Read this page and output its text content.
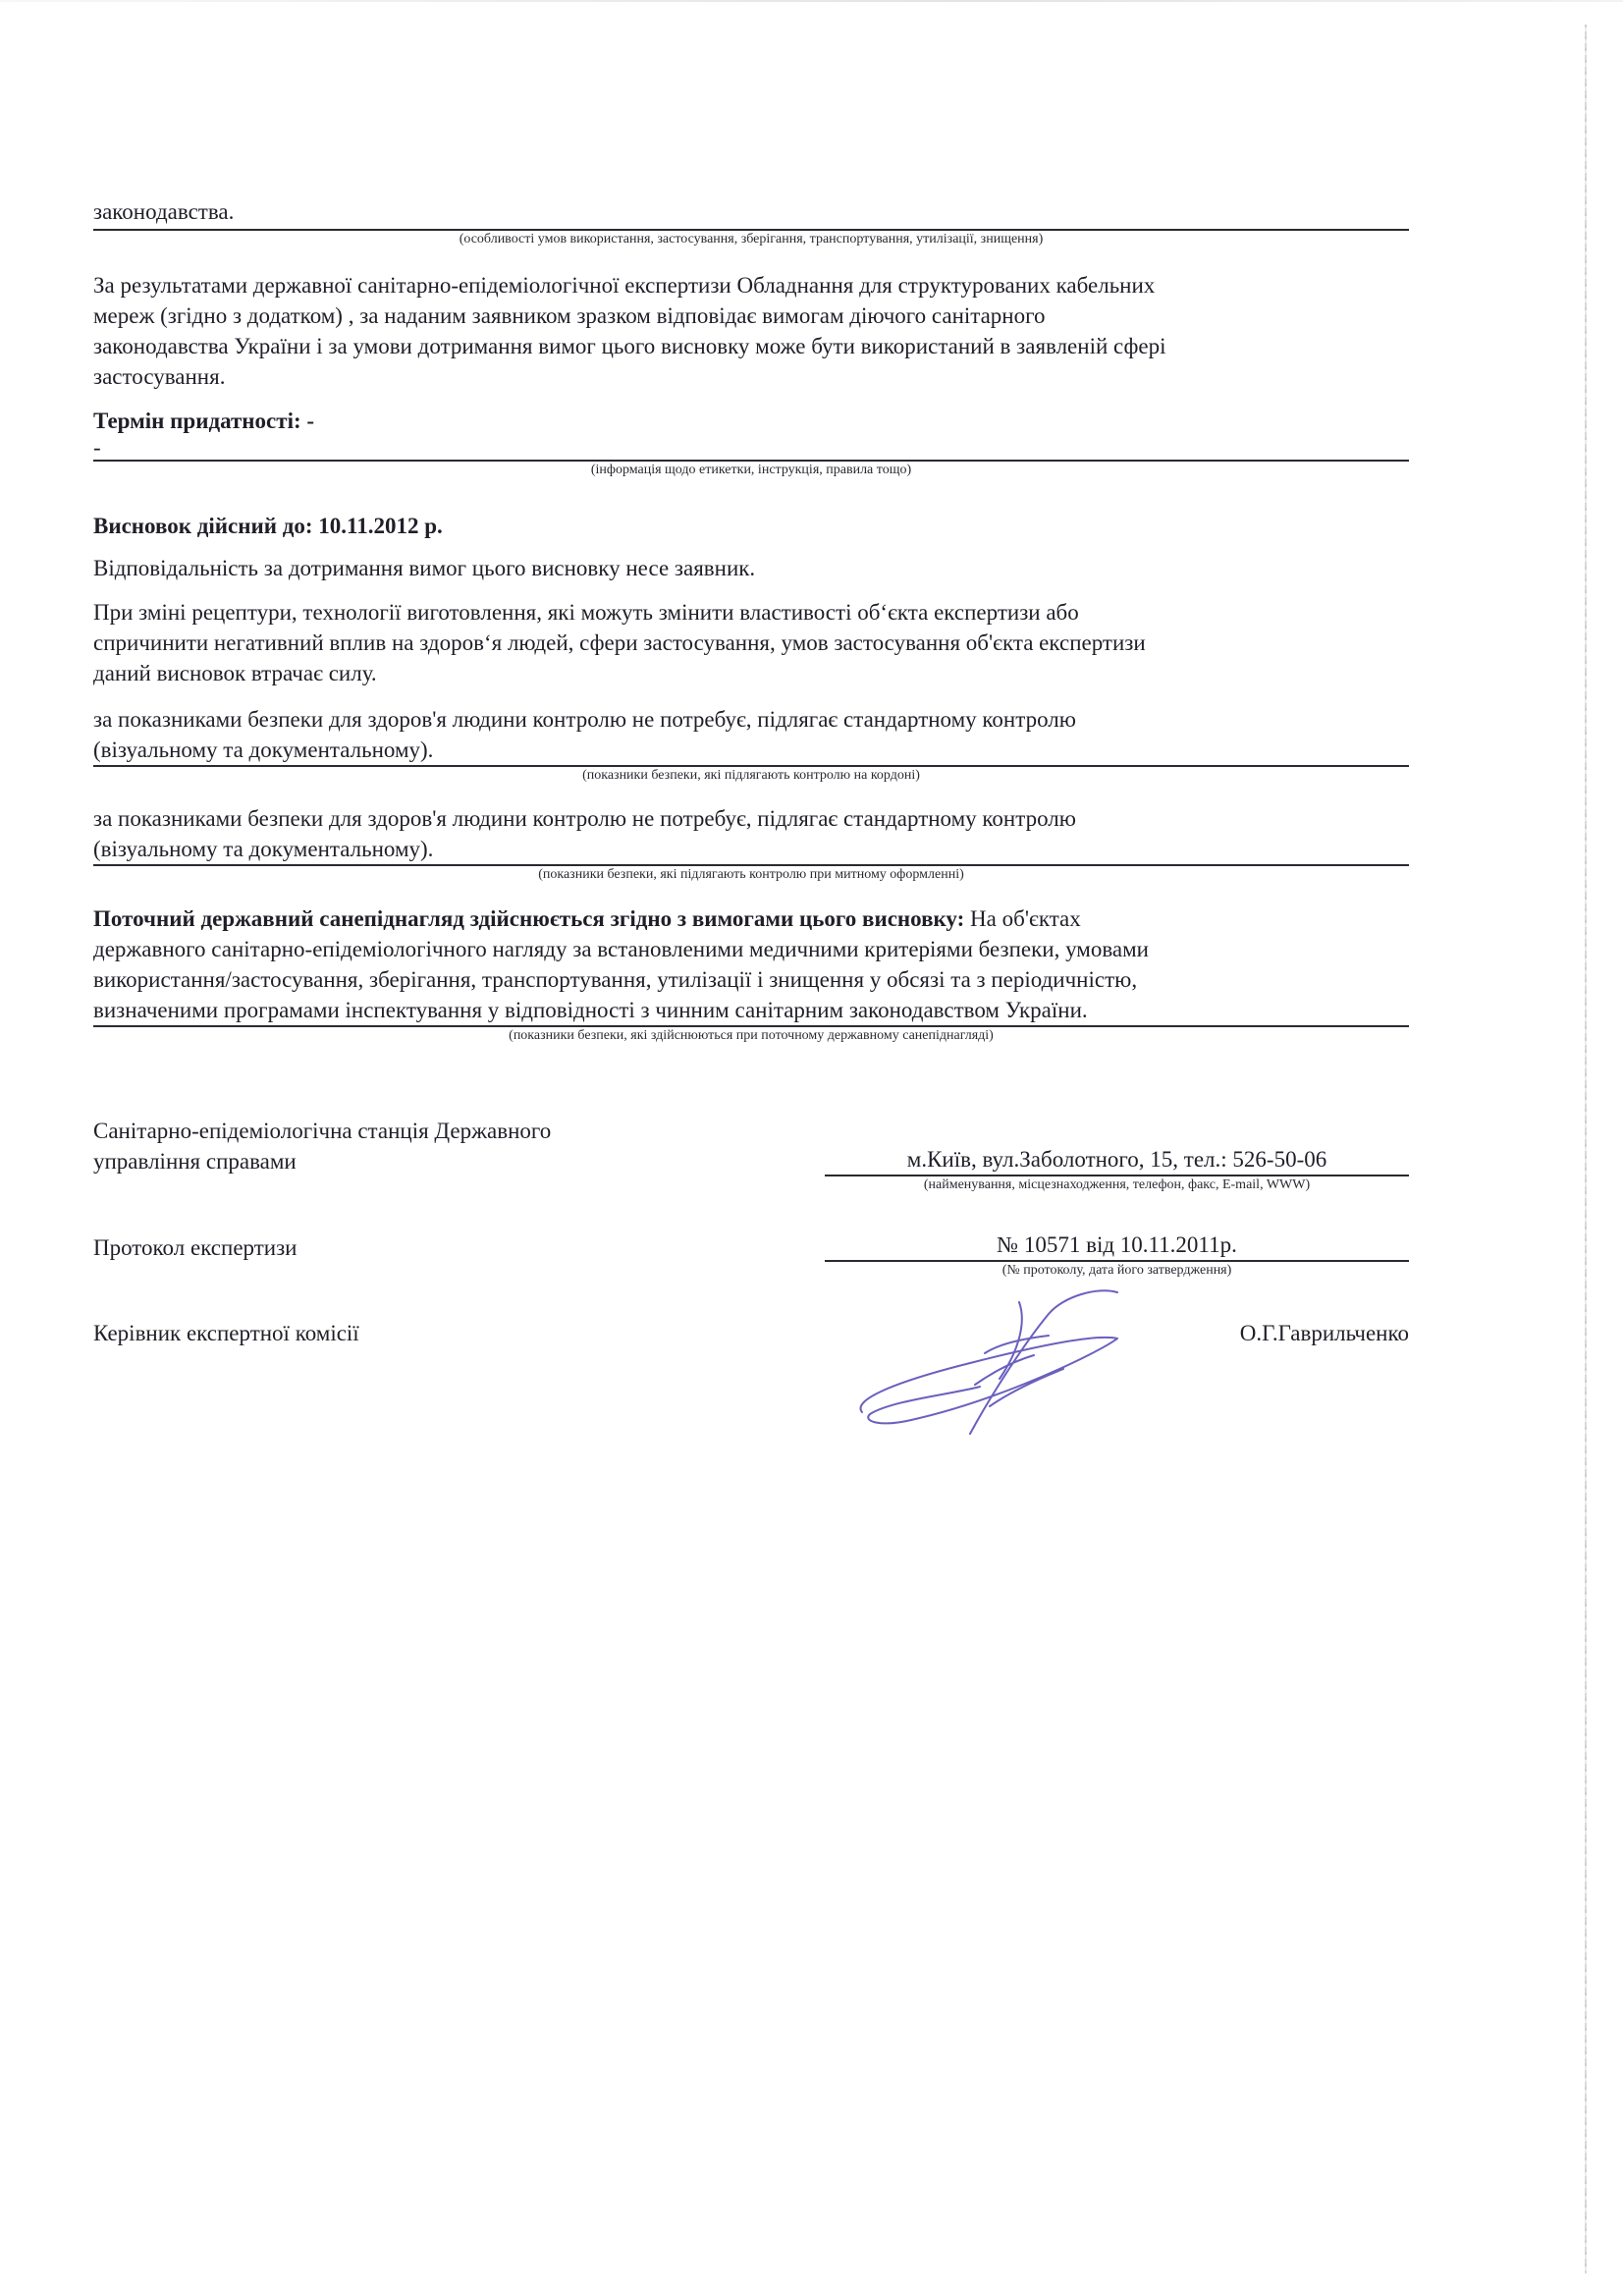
законодавства.
(особливості умов використання, застосування, зберігання, транспортування, утилізації, знищення)
За результатами державної санітарно-епідеміологічної експертизи Обладнання для структурованих кабельних
мереж (згідно з додатком) , за наданим заявником зразком відповідає вимогам діючого санітарного
законодавства України і за умови дотримання вимог цього висновку може бути використаний в заявленій сфері
застосування.
Термін придатності: -
-
(інформація щодо етикетки, інструкція, правила тощо)
Висновок дійсний до: 10.11.2012 р.
Відповідальність за дотримання вимог цього висновку несе заявник.
При зміні рецептури, технології виготовлення, які можуть змінити властивості об‘єкта експертизи або
спричинити негативний вплив на здоров‘я людей, сфери застосування, умов застосування об'єкта експертизи
даний висновок втрачає силу.
за показниками безпеки для здоров'я людини контролю не потребує, підлягає стандартному контролю
(візуальному та документальному).
(показники безпеки, які підлягають контролю на кордоні)
за показниками безпеки для здоров'я людини контролю не потребує, підлягає стандартному контролю
(візуальному та документальному).
(показники безпеки, які підлягають контролю при митному оформленні)
Поточний державний санепіднагляд здійснюється згідно з вимогами цього висновку: На об'єктах
державного санітарно-епідеміологічного нагляду за встановленими медичними критеріями безпеки, умовами
використання/застосування, зберігання, транспортування, утилізації і знищення у обсязі та з періодичністю,
визначеними програмами інспектування у відповідності з чинним санітарним законодавством України.
(показники безпеки, які здійснюються при поточному державному санепіднагляді)
Санітарно-епідеміологічна станція Державного
управління справами	м.Київ, вул.Заболотного, 15, тел.: 526-50-06
(найменування, місцезнаходження, телефон, факс, E-mail, WWW)
Протокол експертизи	№ 10571 від 10.11.2011р.
(№ протоколу, дата його затвердження)
Керівник експертної комісії	О.Г.Гаврильченко
